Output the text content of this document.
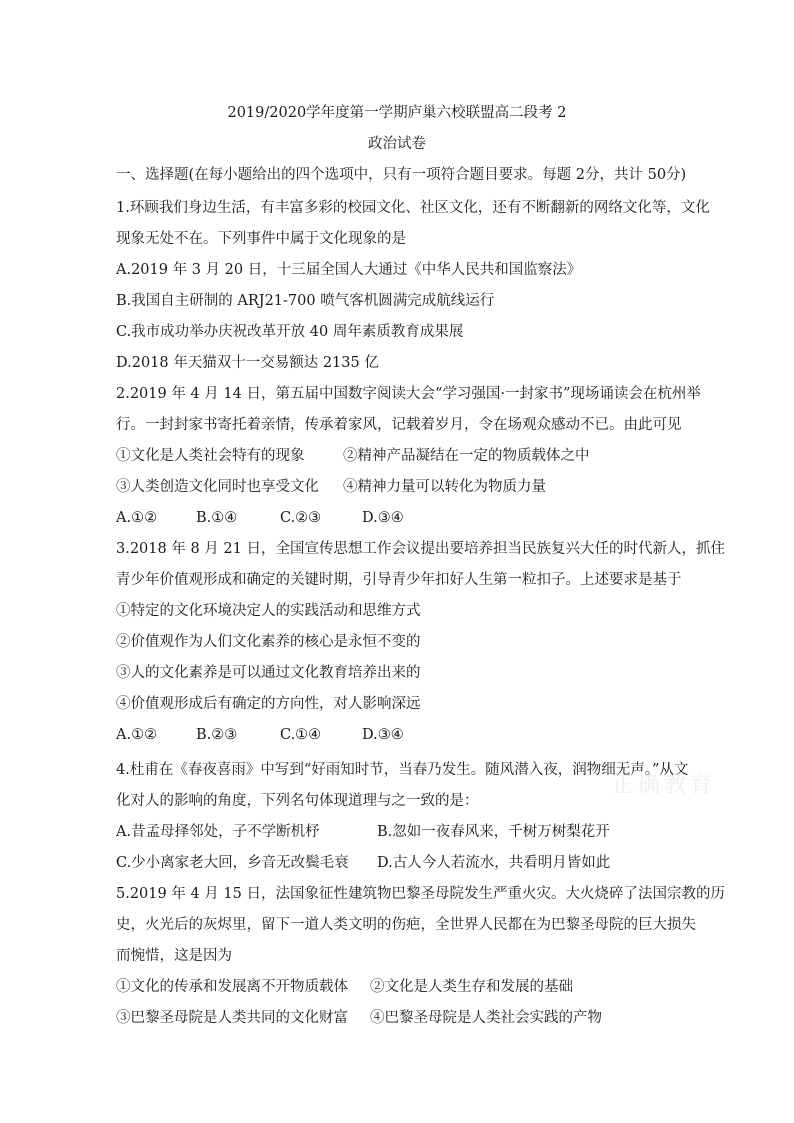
2019/2020学年度第一学期庐巢六校联盟高二段考 2
政治试卷
一、选择题(在每小题给出的四个选项中，只有一项符合题目要求。每题 2分，共计 50分)
1.环顾我们身边生活，有丰富多彩的校园文化、社区文化，还有不断翻新的网络文化等，文化
现象无处不在。下列事件中属于文化现象的是
A.2019 年 3 月 20 日，十三届全国人大通过《中华人民共和国监察法》
B.我国自主研制的 ARJ21-700 喷气客机圆满完成航线运行
C.我市成功举办庆祝改革开放 40 周年素质教育成果展
D.2018 年天猫双十一交易额达 2135 亿
2.2019 年 4 月 14 日，第五届中国数字阅读大会“学习强国·一封家书”现场诵读会在杭州举
行。一封封家书寄托着亲情，传承着家风，记载着岁月，令在场观众感动不已。由此可见
①文化是人类社会特有的现象	②精神产品凝结在一定的物质载体之中
③人类创造文化同时也享受文化 ④精神力量可以转化为物质力量
A.①②	B.①④	C.②③	D.③④
3.2018 年 8 月 21 日，全国宣传思想工作会议提出要培养担当民族复兴大任的时代新人，抓住
青少年价值观形成和确定的关键时期，引导青少年扣好人生第一粒扣子。上述要求是基于
①特定的文化环境决定人的实践活动和思维方式
②价值观作为人们文化素养的核心是永恒不变的
③人的文化素养是可以通过文化教育培养出来的
④价值观形成后有确定的方向性，对人影响深远
A.①②	B.②③	C.①④	D.③④
4.杜甫在《春夜喜雨》中写到“好雨知时节，当春乃发生。随风潜入夜，润物细无声。”从文
化对人的影响的角度，下列名句体现道理与之一致的是：
A.昔孟母择邻处，子不学断机杼	B.忽如一夜春风来，千树万树梨花开
C.少小离家老大回，乡音无改鬓毛衰 D.古人今人若流水，共看明月皆如此
5.2019 年 4 月 15 日，法国象征性建筑物巴黎圣母院发生严重火灾。大火烧碎了法国宗教的历
史，火光后的灰烬里，留下一道人类文明的伤疤，全世界人民都在为巴黎圣母院的巨大损失
而惋惜，这是因为
①文化的传承和发展离不开物质载体 ②文化是人类生存和发展的基础
③巴黎圣母院是人类共同的文化财富 ④巴黎圣母院是人类社会实践的产物
正确教育
